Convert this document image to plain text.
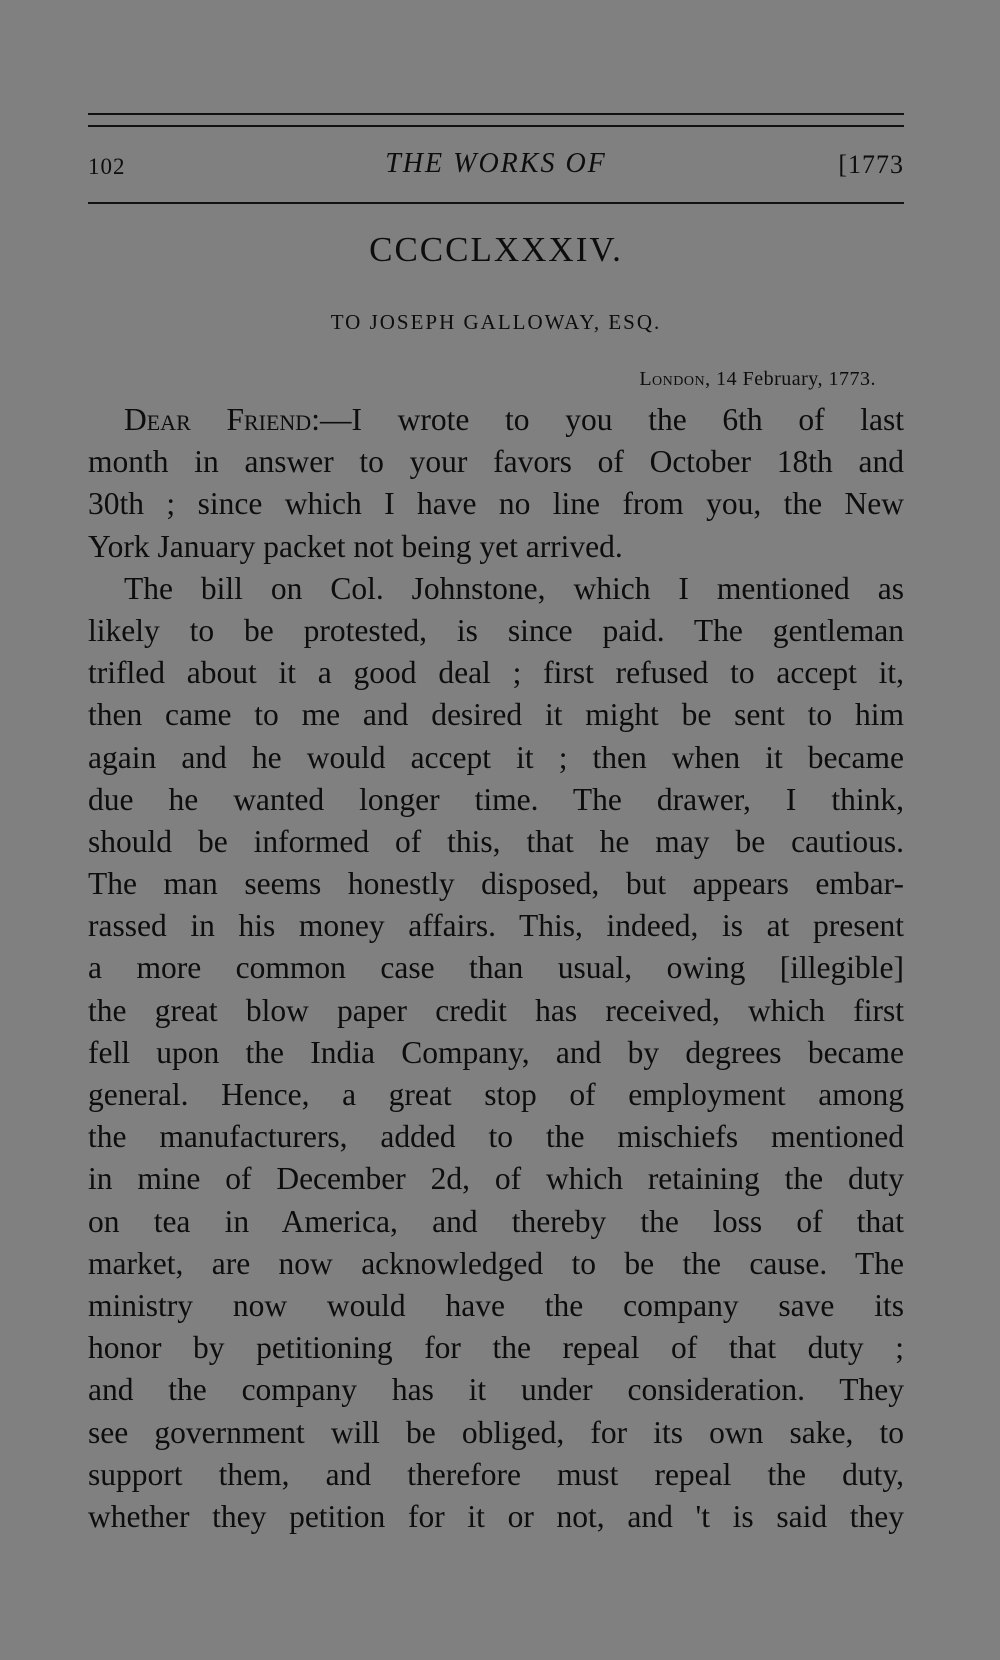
102	THE WORKS OF	[1773
CCCCLXXXIV.
TO JOSEPH GALLOWAY, ESQ.
London, 14 February, 1773.
Dear Friend:—I wrote to you the 6th of last
month in answer to your favors of October 18th and
30th ; since which I have no line from you, the New
York January packet not being yet arrived.
The bill on Col. Johnstone, which I mentioned as
likely to be protested, is since paid. The gentleman
trifled about it a good deal ; first refused to accept it,
then came to me and desired it might be sent to him
again and he would accept it ; then when it became
due he wanted longer time. The drawer, I think,
should be informed of this, that he may be cautious.
The man seems honestly disposed, but appears embar-
rassed in his money affairs. This, indeed, is at present
a more common case than usual, owing [illegible]
the great blow paper credit has received, which first
fell upon the India Company, and by degrees became
general. Hence, a great stop of employment among
the manufacturers, added to the mischiefs mentioned
in mine of December 2d, of which retaining the duty
on tea in America, and thereby the loss of that
market, are now acknowledged to be the cause. The
ministry now would have the company save its
honor by petitioning for the repeal of that duty ;
and the company has it under consideration. They
see government will be obliged, for its own sake, to
support them, and therefore must repeal the duty,
whether they petition for it or not, and 't is said they
